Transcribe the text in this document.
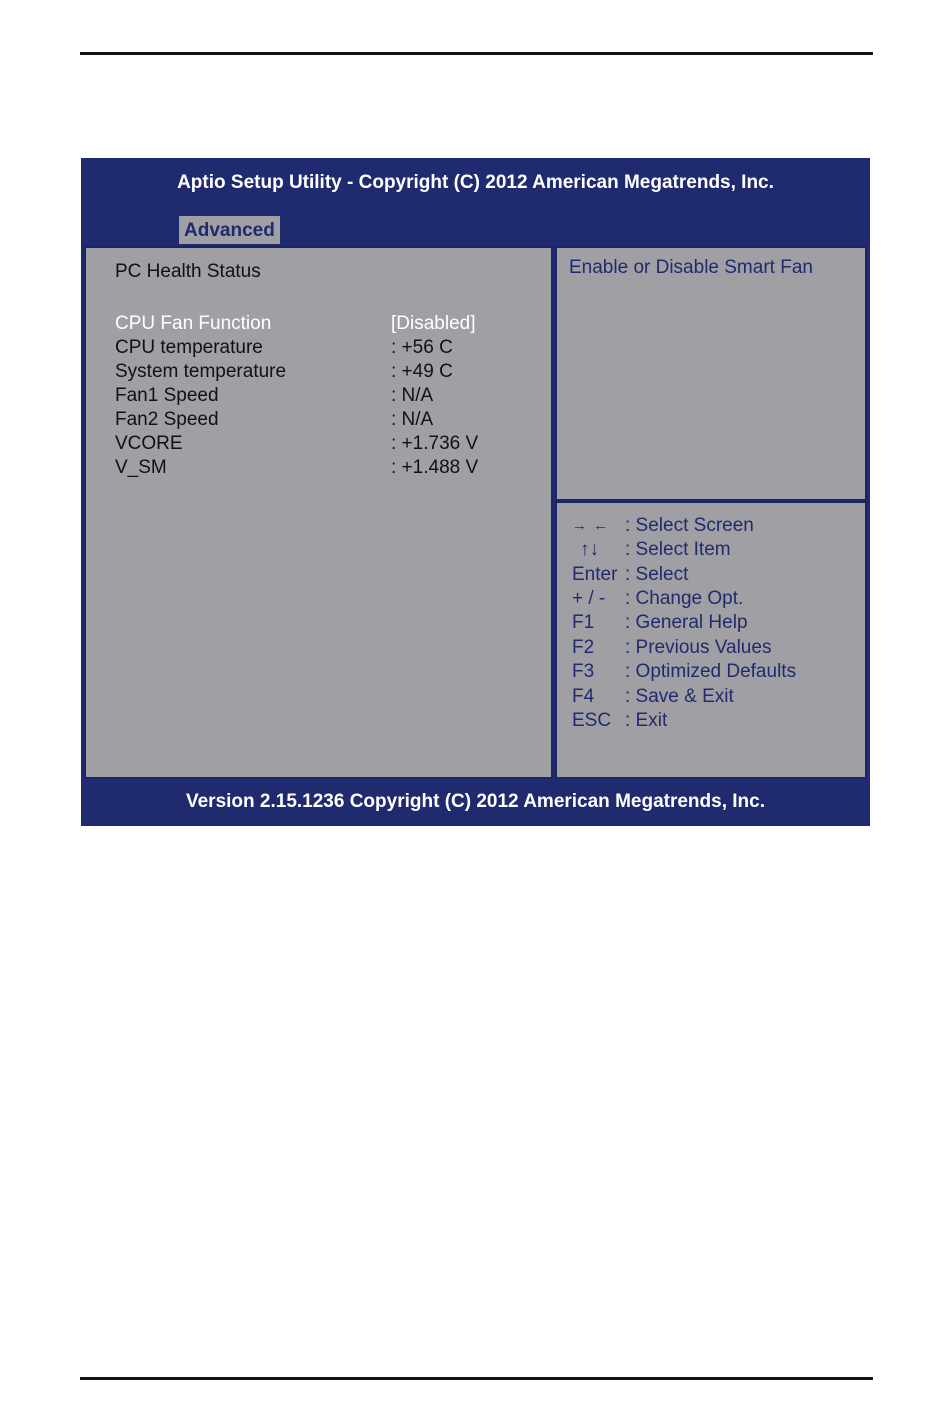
Aptio Setup Utility - Copyright (C) 2012 American Megatrends, Inc.
Advanced
PC Health Status
CPU Fan Function	[Disabled]
CPU temperature	: +56 C
System temperature	: +49 C
Fan1 Speed	: N/A
Fan2 Speed	: N/A
VCORE	: +1.736 V
V_SM	: +1.488 V
Enable or Disable Smart Fan
→ ← : Select Screen
↑↓	: Select Item
Enter : Select
+ / -	: Change Opt.
F1	: General Help
F2	: Previous Values
F3	: Optimized Defaults
F4	: Save & Exit
ESC : Exit
Version 2.15.1236 Copyright (C) 2012 American Megatrends, Inc.
